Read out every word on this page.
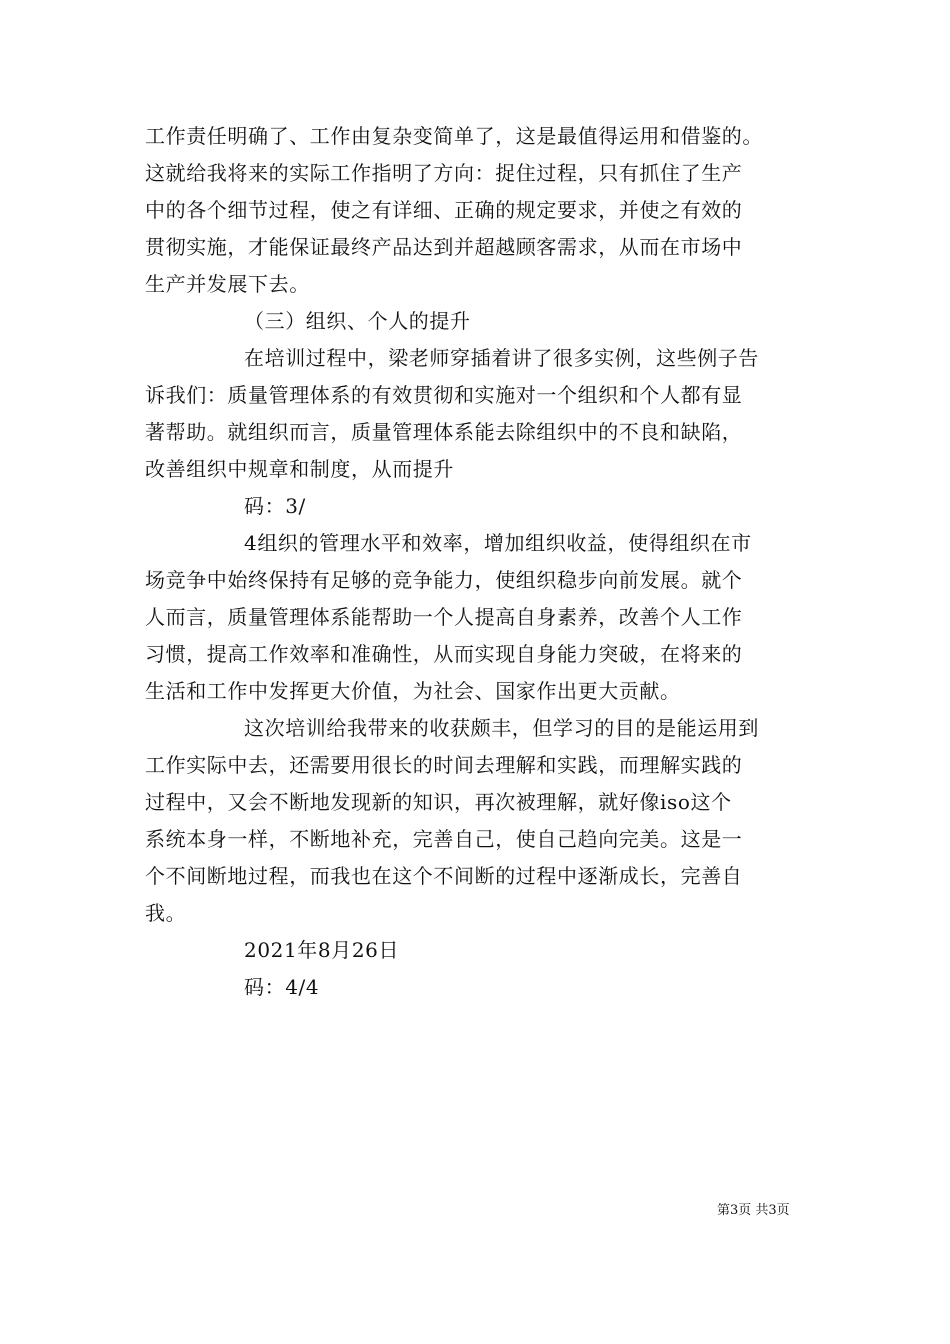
工作责任明确了、工作由复杂变简单了，这是最值得运用和借鉴的。
这就给我将来的实际工作指明了方向：捉住过程，只有抓住了生产
中的各个细节过程，使之有详细、正确的规定要求，并使之有效的
贯彻实施，才能保证最终产品达到并超越顾客需求，从而在市场中
生产并发展下去。
（三）组织、个人的提升
在培训过程中，梁老师穿插着讲了很多实例，这些例子告
诉我们：质量管理体系的有效贯彻和实施对一个组织和个人都有显
著帮助。就组织而言，质量管理体系能去除组织中的不良和缺陷，
改善组织中规章和制度，从而提升
码：3/
4组织的管理水平和效率，增加组织收益，使得组织在市
场竞争中始终保持有足够的竞争能力，使组织稳步向前发展。就个
人而言，质量管理体系能帮助一个人提高自身素养，改善个人工作
习惯，提高工作效率和准确性，从而实现自身能力突破，在将来的
生活和工作中发挥更大价值，为社会、国家作出更大贡献。
这次培训给我带来的收获颇丰，但学习的目的是能运用到
工作实际中去，还需要用很长的时间去理解和实践，而理解实践的
过程中，又会不断地发现新的知识，再次被理解，就好像iso这个
系统本身一样，不断地补充，完善自己，使自己趋向完美。这是一
个不间断地过程，而我也在这个不间断的过程中逐渐成长，完善自
我。
2021年8月26日
码：4/4
第3页 共3页
